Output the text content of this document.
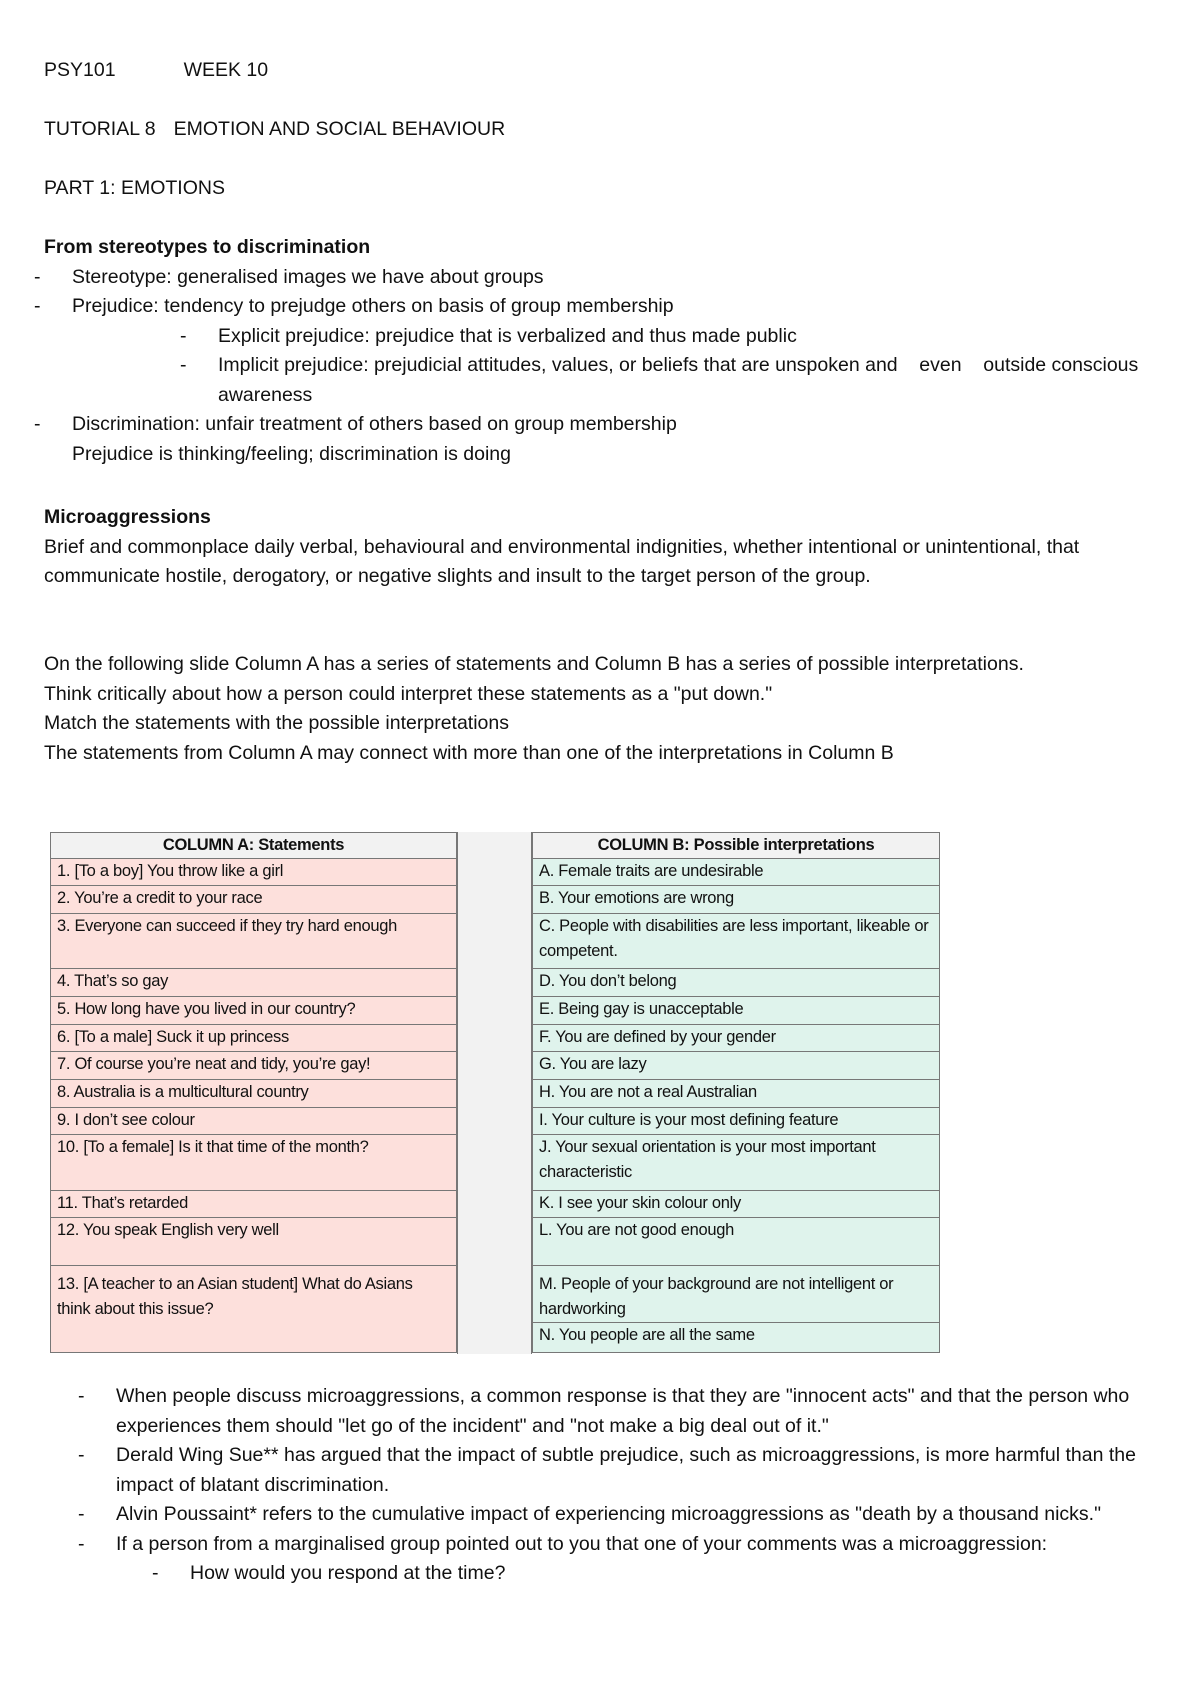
PSY101	WEEK 10
TUTORIAL 8 EMOTION AND SOCIAL BEHAVIOUR
PART 1: EMOTIONS
From stereotypes to discrimination
- Stereotype: generalised images we have about groups
- Prejudice: tendency to prejudge others on basis of group membership
- Explicit prejudice: prejudice that is verbalized and thus made public
- Implicit prejudice: prejudicial attitudes, values, or beliefs that are unspoken and    even    outside conscious awareness
- Discrimination: unfair treatment of others based on group membership
Prejudice is thinking/feeling; discrimination is doing
Microaggressions

Brief and commonplace daily verbal, behavioural and environmental indignities, whether intentional or unintentional, that communicate hostile, derogatory, or negative slights and insult to the target person of the group.

On the following slide Column A has a series of statements and Column B has a series of possible interpretations.

Think critically about how a person could interpret these statements as a "put down."

Match the statements with the possible interpretations

The statements from Column A may connect with more than one of the interpretations in Column B

COLUMN A: Statements
1. [To a boy] You throw like a girl
2. You’re a credit to your race
3. Everyone can succeed if they try hard enough
4. That’s so gay
5. How long have you lived in our country?
6. [To a male] Suck it up princess
7. Of course you’re neat and tidy, you’re gay!
8. Australia is a multicultural country
9. I don’t see colour
10. [To a female] Is it that time of the month?
11. That’s retarded
12. You speak English very well
13. [A teacher to an Asian student] What do Asians think about this issue?
COLUMN B: Possible interpretations
A. Female traits are undesirable
B. Your emotions are wrong
C. People with disabilities are less important, likeable or competent.
D. You don’t belong
E. Being gay is unacceptable
F. You are defined by your gender
G. You are lazy
H. You are not a real Australian
I. Your culture is your most defining feature
J. Your sexual orientation is your most important characteristic
K. I see your skin colour only
L. You are not good enough
M. People of your background are not intelligent or hardworking
N. You people are all the same
- When people discuss microaggressions, a common response is that they are "innocent acts" and that the person who experiences them should "let go of the incident" and "not make a big deal out of it."
- Derald Wing Sue** has argued that the impact of subtle prejudice, such as microaggressions, is more harmful than the impact of blatant discrimination.
- Alvin Poussaint* refers to the cumulative impact of experiencing microaggressions as "death by a thousand nicks."
- If a person from a marginalised group pointed out to you that one of your comments was a microaggression:
- How would you respond at the time?
